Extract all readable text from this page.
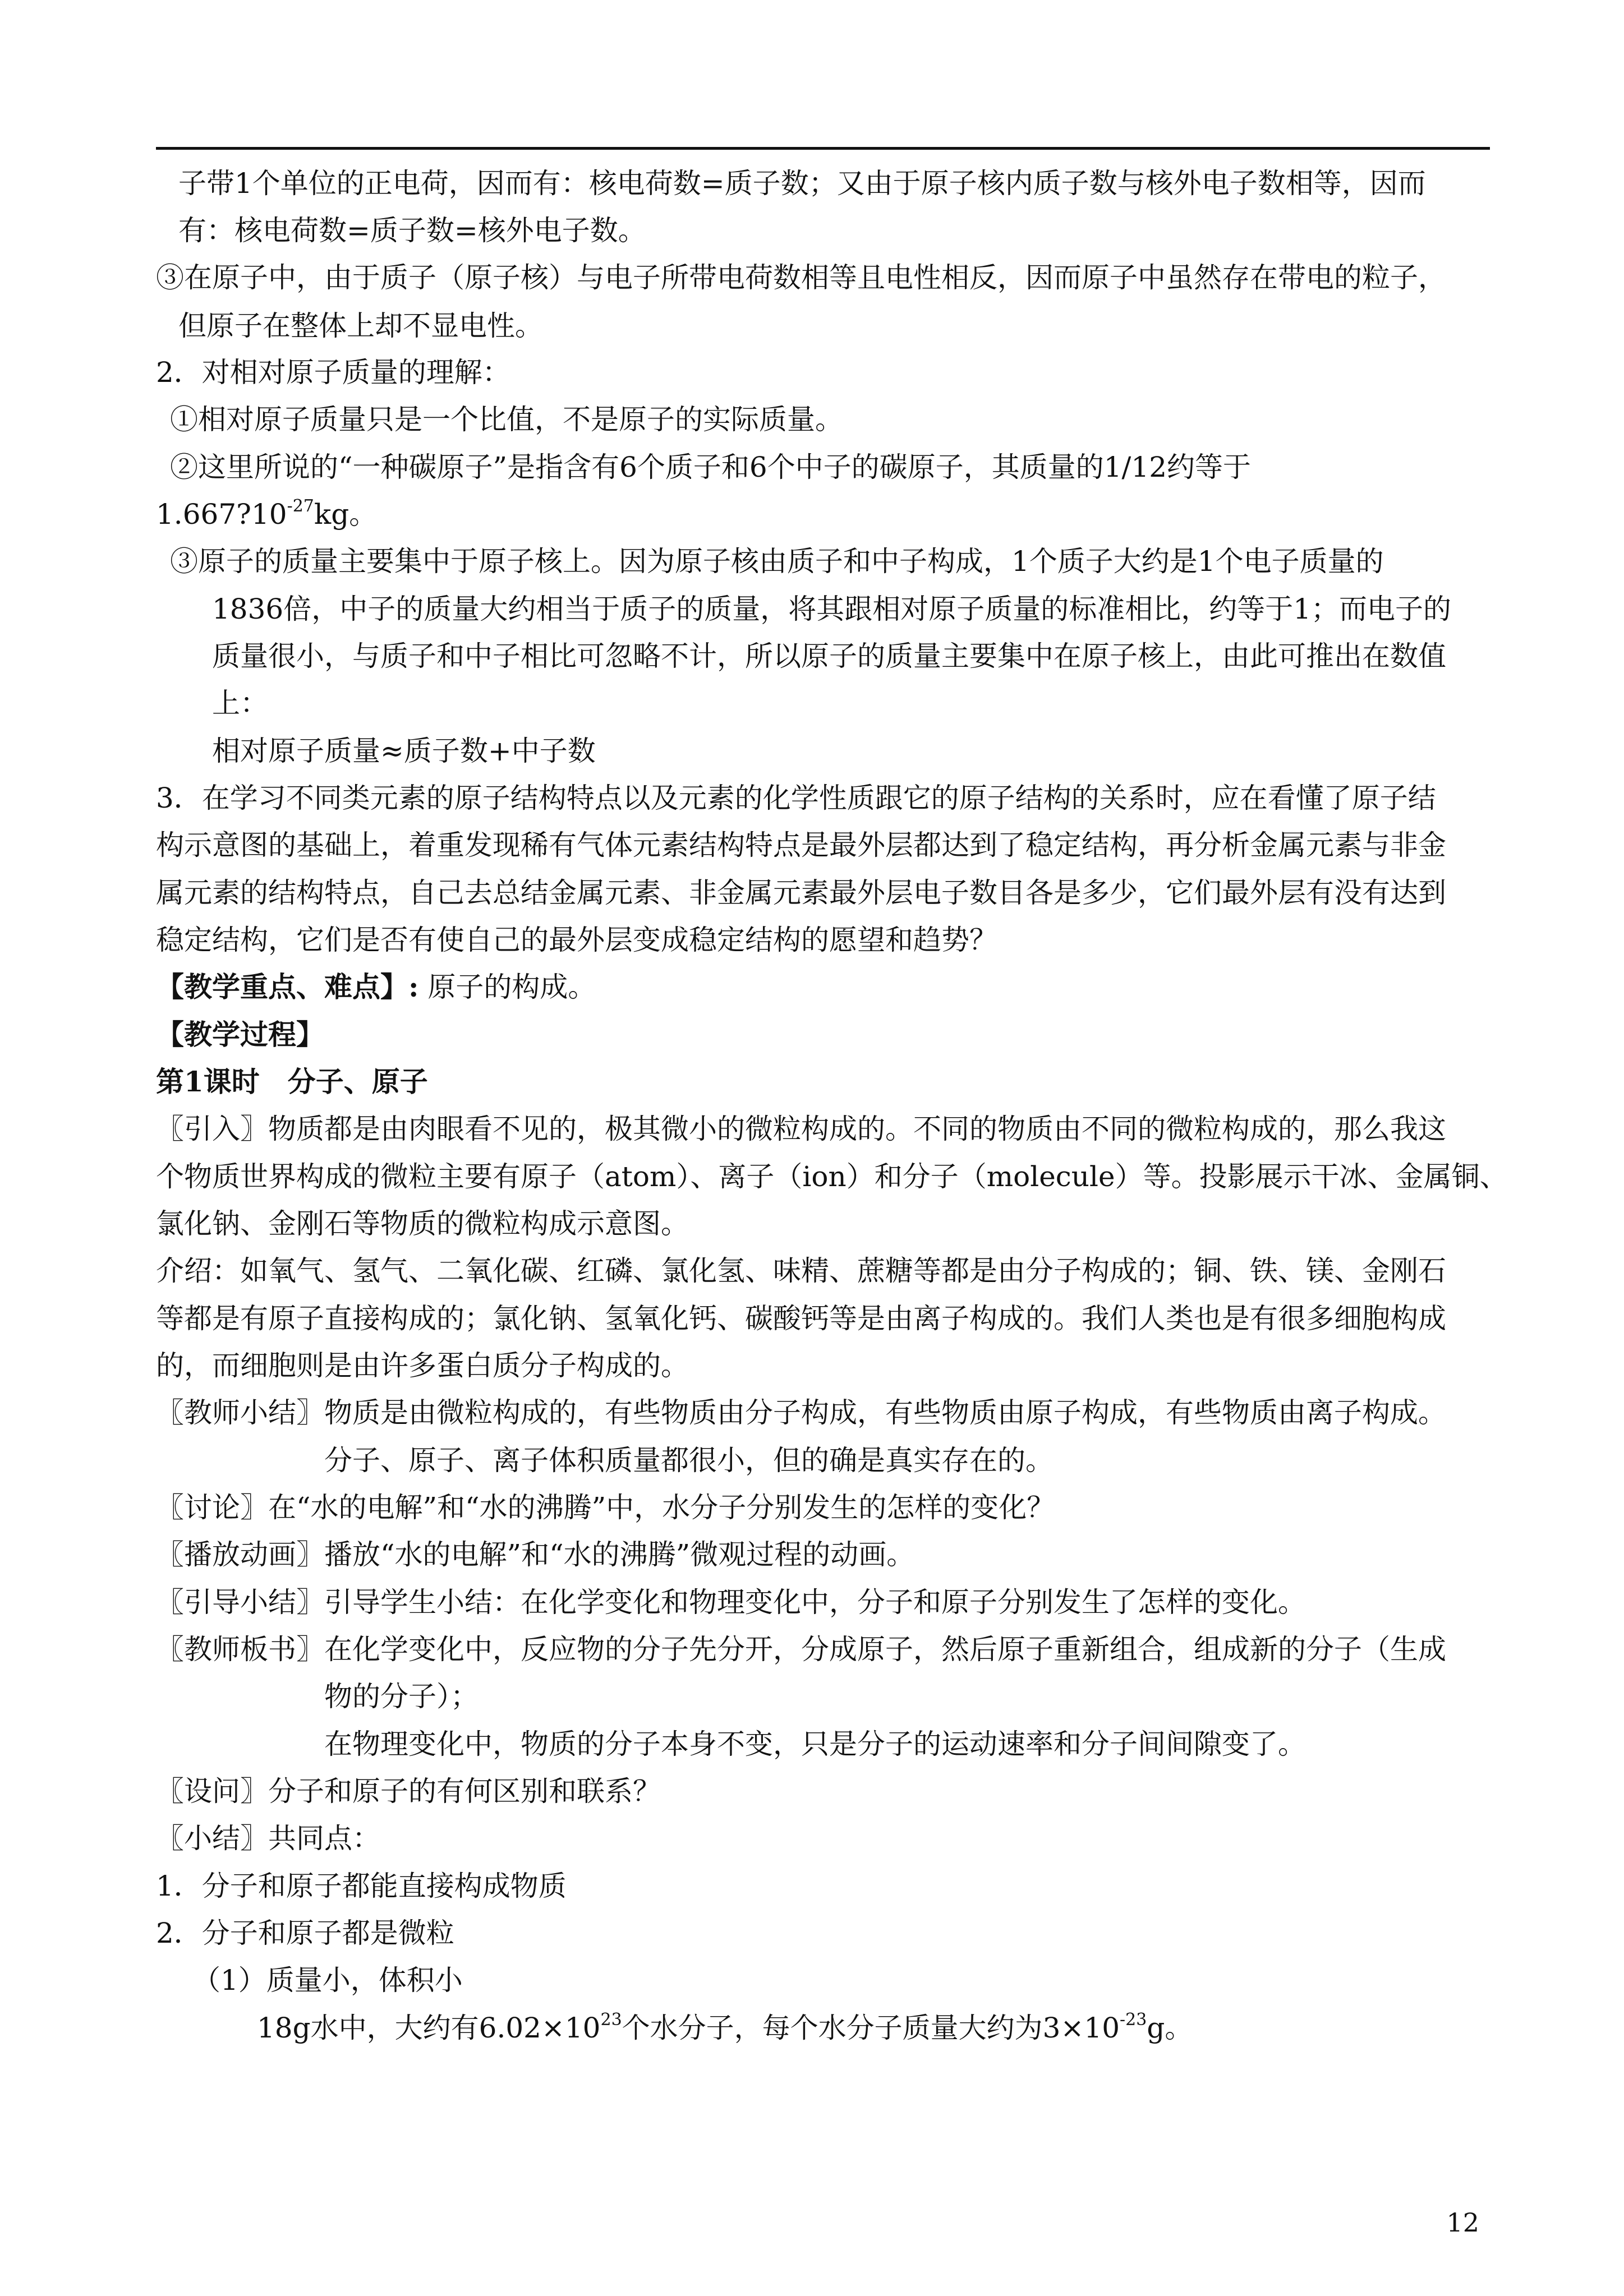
子带1个单位的正电荷，因而有：核电荷数=质子数；又由于原子核内质子数与核外电子数相等，因而
有：核电荷数=质子数=核外电子数。
③在原子中，由于质子（原子核）与电子所带电荷数相等且电性相反，因而原子中虽然存在带电的粒子，
但原子在整体上却不显电性。
2．对相对原子质量的理解：
①相对原子质量只是一个比值，不是原子的实际质量。
②这里所说的“一种碳原子”是指含有6个质子和6个中子的碳原子，其质量的1/12约等于
$1.667?10^{-27}kg$。
③原子的质量主要集中于原子核上。因为原子核由质子和中子构成，1个质子大约是1个电子质量的
1836倍，中子的质量大约相当于质子的质量，将其跟相对原子质量的标准相比，约等于1；而电子的
质量很小，与质子和中子相比可忽略不计，所以原子的质量主要集中在原子核上，由此可推出在数值
上：
相对原子质量≈质子数+中子数
3．在学习不同类元素的原子结构特点以及元素的化学性质跟它的原子结构的关系时，应在看懂了原子结
构示意图的基础上，着重发现稀有气体元素结构特点是最外层都达到了稳定结构，再分析金属元素与非金
属元素的结构特点，自己去总结金属元素、非金属元素最外层电子数目各是多少，它们最外层有没有达到
稳定结构，它们是否有使自己的最外层变成稳定结构的愿望和趋势？
【教学重点、难点】: 原子的构成。
【教学过程】
第1课时　分子、原子
〖引入〗物质都是由肉眼看不见的，极其微小的微粒构成的。不同的物质由不同的微粒构成的，那么我这
个物质世界构成的微粒主要有原子（atom）、离子（ion）和分子（molecule）等。投影展示干冰、金属铜、
氯化钠、金刚石等物质的微粒构成示意图。
介绍：如氧气、氢气、二氧化碳、红磷、氯化氢、味精、蔗糖等都是由分子构成的；铜、铁、镁、金刚石
等都是有原子直接构成的；氯化钠、氢氧化钙、碳酸钙等是由离子构成的。我们人类也是有很多细胞构成
的，而细胞则是由许多蛋白质分子构成的。
〖教师小结〗物质是由微粒构成的，有些物质由分子构成，有些物质由原子构成，有些物质由离子构成。
分子、原子、离子体积质量都很小，但的确是真实存在的。
〖讨论〗在“水的电解”和“水的沸腾”中，水分子分别发生的怎样的变化？
〖播放动画〗播放“水的电解”和“水的沸腾”微观过程的动画。
〖引导小结〗引导学生小结：在化学变化和物理变化中，分子和原子分别发生了怎样的变化。
〖教师板书〗在化学变化中，反应物的分子先分开，分成原子，然后原子重新组合，组成新的分子（生成
物的分子）；
在物理变化中，物质的分子本身不变，只是分子的运动速率和分子间间隙变了。
〖设问〗分子和原子的有何区别和联系？
〖小结〗共同点：
1．分子和原子都能直接构成物质
2．分子和原子都是微粒
（1）质量小，体积小
18g水中，大约有$6.02\times 10^{23}$个水分子，每个水分子质量大约为$3\times 10^{-23}g$。
12
